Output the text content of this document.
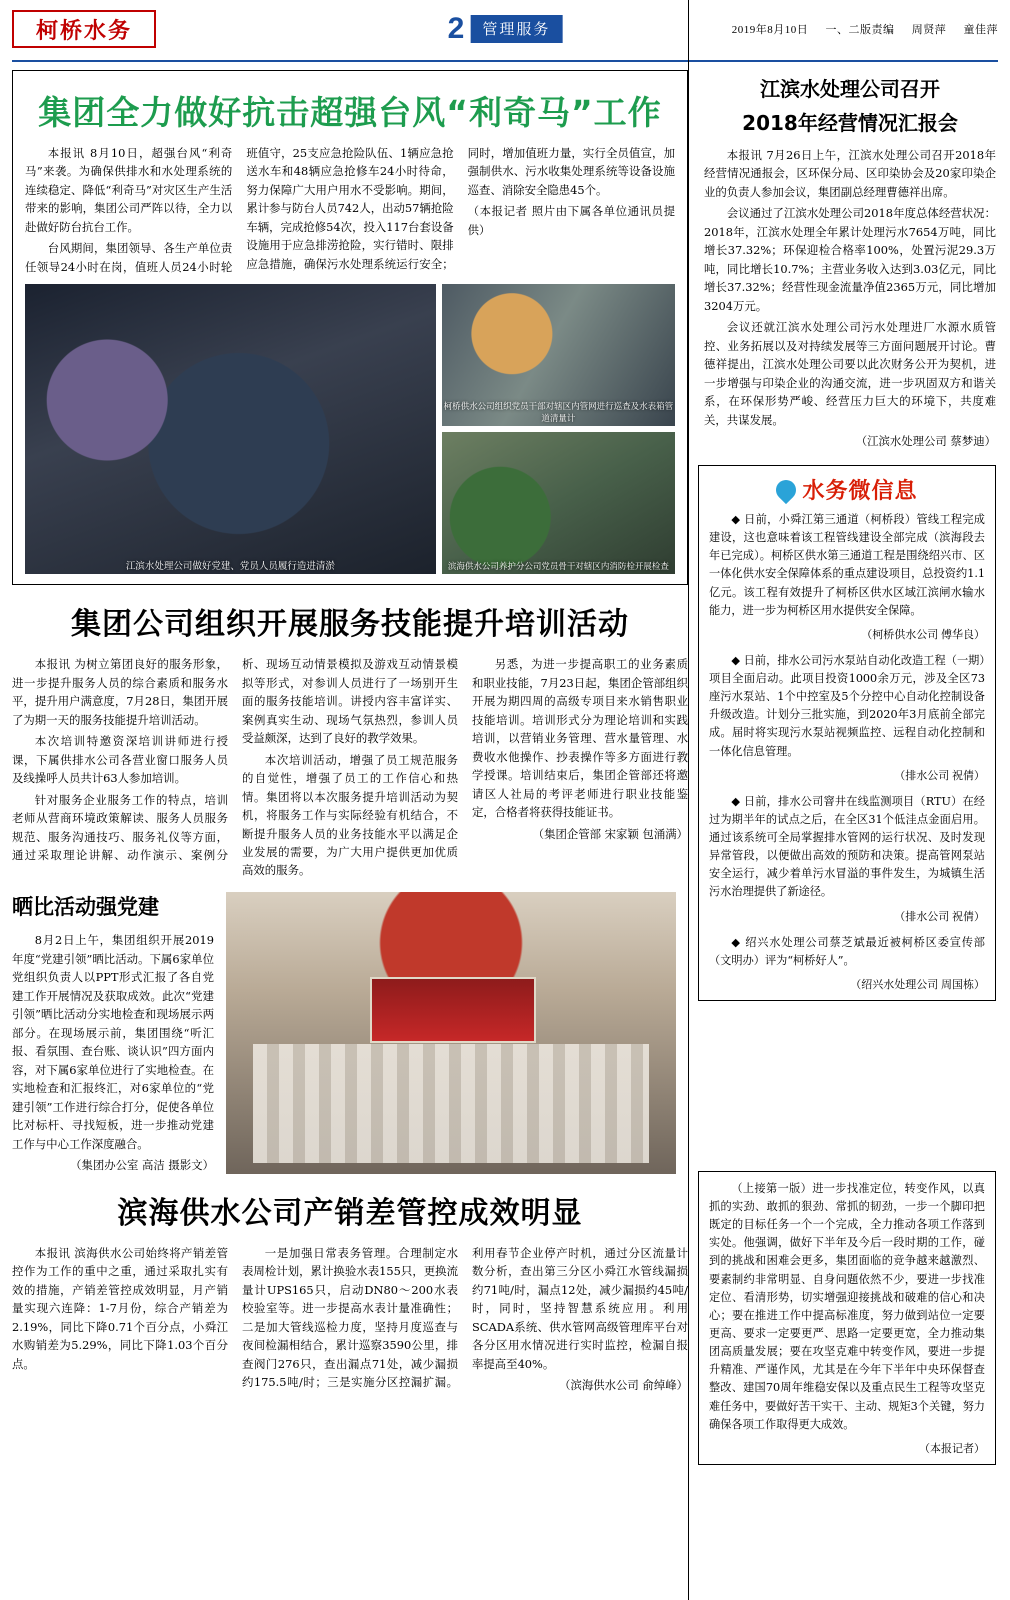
柯桥水务	2	管理服务	2019年8月10日 一、二版责编 周贤萍 童佳萍
集团全力做好抗击超强台风“利奇马”工作

本报讯 8月10日，超强台风“利奇马”来袭。为确保供排水和水处理系统的连续稳定、降低“利奇马”对灾区生产生活带来的影响，集团公司严阵以待，全力以赴做好防台抗台工作。

台风期间，集团领导、各生产单位责任领导24小时在岗，值班人员24小时轮班值守，25支应急抢险队伍、1辆应急抢送水车和48辆应急抢修车24小时待命，努力保障广大用户用水不受影响。期间，累计参与防台人员742人，出动57辆抢险车辆，完成抢修54次，投入117台套设备设施用于应急排涝抢险，实行错时、限排应急措施，确保污水处理系统运行安全；同时，增加值班力量，实行全员值宣，加强制供水、污水收集处理系统等设备设施巡查、消除安全隐患45个。

（本报记者 照片由下属各单位通讯员提供）

江滨水处理公司做好党建、党员人员履行造进清淤
柯桥供水公司组织党员干部对辖区内管网进行巡查及水表箱管道清量计
滨海供水公司养护分公司党员骨干对辖区内消防栓开展检查
集团公司组织开展服务技能提升培训活动

本报讯 为树立第团良好的服务形象，进一步提升服务人员的综合素质和服务水平，提升用户满意度，7月28日，集团开展了为期一天的服务技能提升培训活动。

本次培训特邀资深培训讲师进行授课，下属供排水公司各营业窗口服务人员及线操呼人员共计63人参加培训。

针对服务企业服务工作的特点，培训老师从营商环境政策解读、服务人员服务规范、服务沟通技巧、服务礼仪等方面，通过采取理论讲解、动作演示、案例分析、现场互动情景模拟及游戏互动情景模拟等形式，对参训人员进行了一场别开生面的服务技能培训。讲授内容丰富详实、案例真实生动、现场气氛热烈，参训人员受益颇深，达到了良好的教学效果。

本次培训活动，增强了员工规范服务的自觉性，增强了员工的工作信心和热情。集团将以本次服务提升培训活动为契机，将服务工作与实际经验有机结合，不断提升服务人员的业务技能水平以满足企业发展的需要，为广大用户提供更加优质高效的服务。

另悉，为进一步提高职工的业务素质和职业技能，7月23日起，集团企管部组织开展为期四周的高级专项目来水销售职业技能培训。培训形式分为理论培训和实践培训，以营销业务管理、营水量管理、水费收水他操作、抄表操作等多方面进行教学授课。培训结束后，集团企管部还将邀请区人社局的考评老师进行职业技能鉴定，合格者将获得技能证书。

（集团企管部 宋家颖 包涌满）

晒比活动强党建

8月2日上午，集团组织开展2019年度“党建引领”晒比活动。下属6家单位党组织负责人以PPT形式汇报了各自党建工作开展情况及获取成效。此次“党建引领”晒比活动分实地检查和现场展示两部分。在现场展示前，集团围绕“听汇报、看氛围、查台账、谈认识”四方面内容，对下属6家单位进行了实地检查。在实地检查和汇报终汇，对6家单位的“党建引领”工作进行综合打分，促使各单位比对标杆、寻找短板，进一步推动党建工作与中心工作深度融合。

（集团办公室 高洁 摄影文）

滨海供水公司产销差管控成效明显

本报讯 滨海供水公司始终将产销差管控作为工作的重中之重，通过采取扎实有效的措施，产销差管控成效明显，月产销量实现六连降：1-7月份，综合产销差为2.19%，同比下降0.71个百分点，小舜江水购销差为5.29%，同比下降1.03个百分点。

一是加强日常表务管理。合理制定水表周检计划，累计换验水表155只，更换流量计UPS165只，启动DN80～200水表校验室等。进一步提高水表计量准确性；二是加大管线巡检力度，坚持月度巡查与夜间检漏相结合，累计巡察3590公里，排查阀门276只，查出漏点71处，减少漏损约175.5吨/时；三是实施分区控漏扩漏。利用春节企业停产时机，通过分区流量计数分析，查出第三分区小舜江水管线漏损约71吨/时，漏点12处，减少漏损约45吨/时，同时，坚持智慧系统应用。利用SCADA系统、供水管网高级管理库平台对各分区用水情况进行实时监控，检漏自报率提高至40%。

（滨海供水公司 俞绰峰）

江滨水处理公司召开
2018年经营情况汇报会

本报讯 7月26日上午，江滨水处理公司召开2018年经营情况通报会，区环保分局、区印染协会及20家印染企业的负责人参加会议，集团副总经理曹德祥出席。

会议通过了江滨水处理公司2018年度总体经营状况：2018年，江滨水处理全年累计处理污水7654万吨，同比增长37.32%；环保迎检合格率100%，处置污泥29.3万吨，同比增长10.7%；主营业务收入达到3.03亿元，同比增长37.32%；经营性现金流量净值2365万元，同比增加3204万元。

会议还就江滨水处理公司污水处理进厂水源水质管控、业务拓展以及对持续发展等三方面问题展开讨论。曹德祥提出，江滨水处理公司要以此次财务公开为契机，进一步增强与印染企业的沟通交流，进一步巩固双方和谐关系，在环保形势严峻、经营压力巨大的环境下，共度难关，共谋发展。

（江滨水处理公司 蔡梦迪）

水务微信息

◆ 日前，小舜江第三通道（柯桥段）管线工程完成建设，这也意味着该工程管线建设全部完成（滨海段去年已完成）。柯桥区供水第三通道工程是围绕绍兴市、区一体化供水安全保障体系的重点建设项目，总投资约1.1亿元。该工程有效提升了柯桥区供水区域江滨闸水输水能力，进一步为柯桥区用水提供安全保障。

（柯桥供水公司 傅华良）

◆ 日前，排水公司污水泵站自动化改造工程（一期）项目全面启动。此项目投资1000余万元，涉及全区73座污水泵站、1个中控室及5个分控中心自动化控制设备升级改造。计划分三批实施，到2020年3月底前全部完成。届时将实现污水泵站视频监控、远程自动化控制和一体化信息管理。

（排水公司 祝倩）

◆ 日前，排水公司窨井在线监测项目（RTU）在经过为期半年的试点之后，在全区31个低洼点金面启用。通过该系统可全局掌握排水管网的运行状况、及时发现异常管段，以便做出高效的预防和决策。提高管网泵站安全运行，减少着单污水冒溢的事件发生，为城镇生活污水治理提供了新途径。

（排水公司 祝倩）

◆ 绍兴水处理公司蔡芝斌最近被柯桥区委宣传部（文明办）评为“柯桥好人”。

（绍兴水处理公司 周国栋）

（上接第一版）进一步找准定位，转变作风，以真抓的实劲、敢抓的狠劲、常抓的韧劲，一步一个脚印把既定的目标任务一个一个完成，全力推动各项工作落到实处。他强调，做好下半年及今后一段时期的工作，碰到的挑战和困难会更多，集团面临的竞争越来越激烈、要素制约非常明显、自身问题依然不少，要进一步找准定位、看清形势，切实增强迎接挑战和破难的信心和决心；要在推进工作中提高标准度，努力做到站位一定要更高、要求一定要更严、思路一定要更宽，全力推动集团高质量发展；要在攻坚克难中转变作风，要进一步提升精准、严谨作风，尤其是在今年下半年中央环保督查整改、建国70周年维稳安保以及重点民生工程等攻坚克难任务中，要做好苦干实干、主动、规矩3个关键，努力确保各项工作取得更大成效。

（本报记者）
